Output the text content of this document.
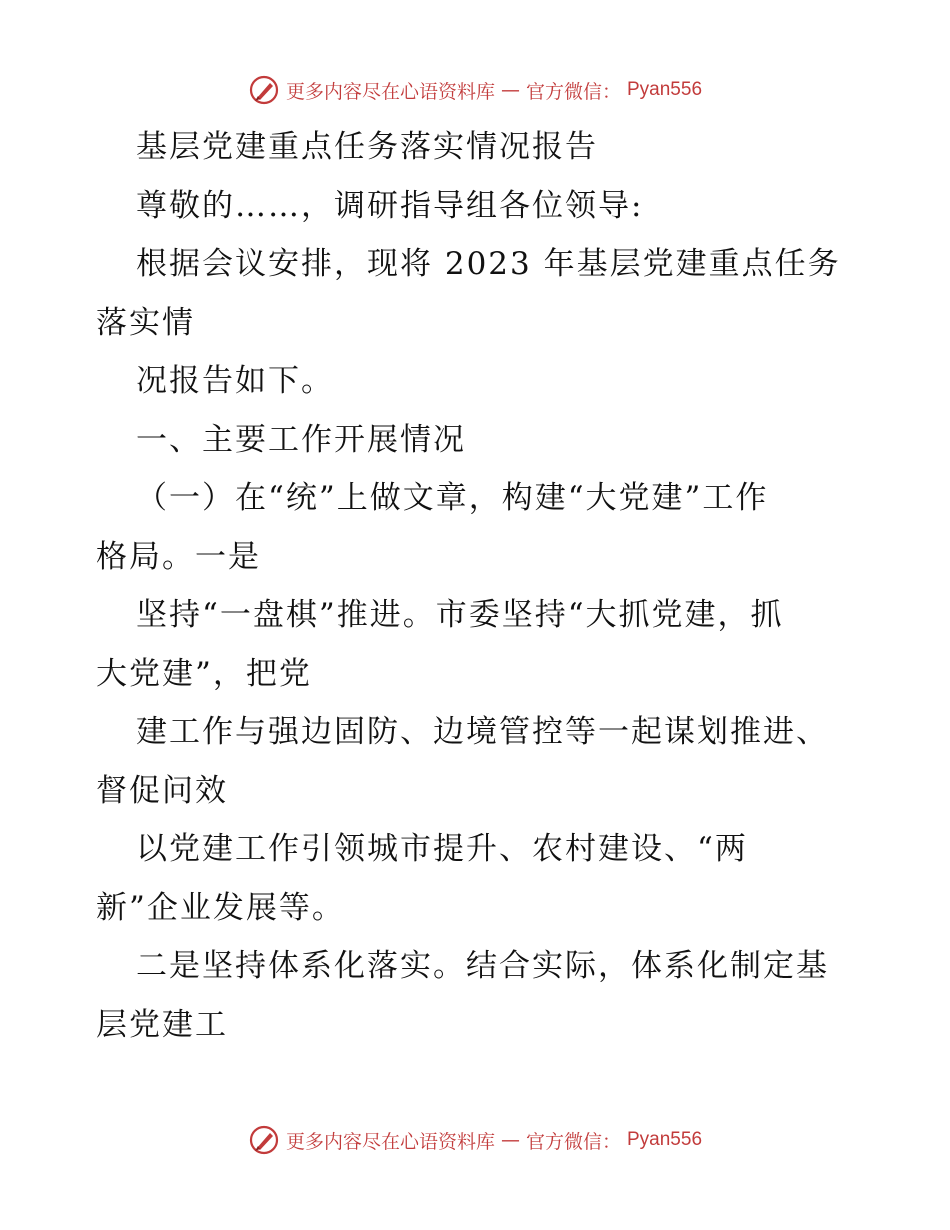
更多内容尽在心语资料库 — 官方微信： Pyan556
基层党建重点任务落实情况报告
尊敬的……，调研指导组各位领导:
根据会议安排，现将 2023 年基层党建重点任务
落实情
况报告如下。
一、主要工作开展情况
（一）在“统”上做文章，构建“大党建”工作
格局。一是
坚持“一盘棋”推进。市委坚持“大抓党建，抓
大党建”，把党
建工作与强边固防、边境管控等一起谋划推进、
督促问效
以党建工作引领城市提升、农村建设、“两
新”企业发展等。
二是坚持体系化落实。结合实际，体系化制定基
层党建工
更多内容尽在心语资料库 — 官方微信： Pyan556
